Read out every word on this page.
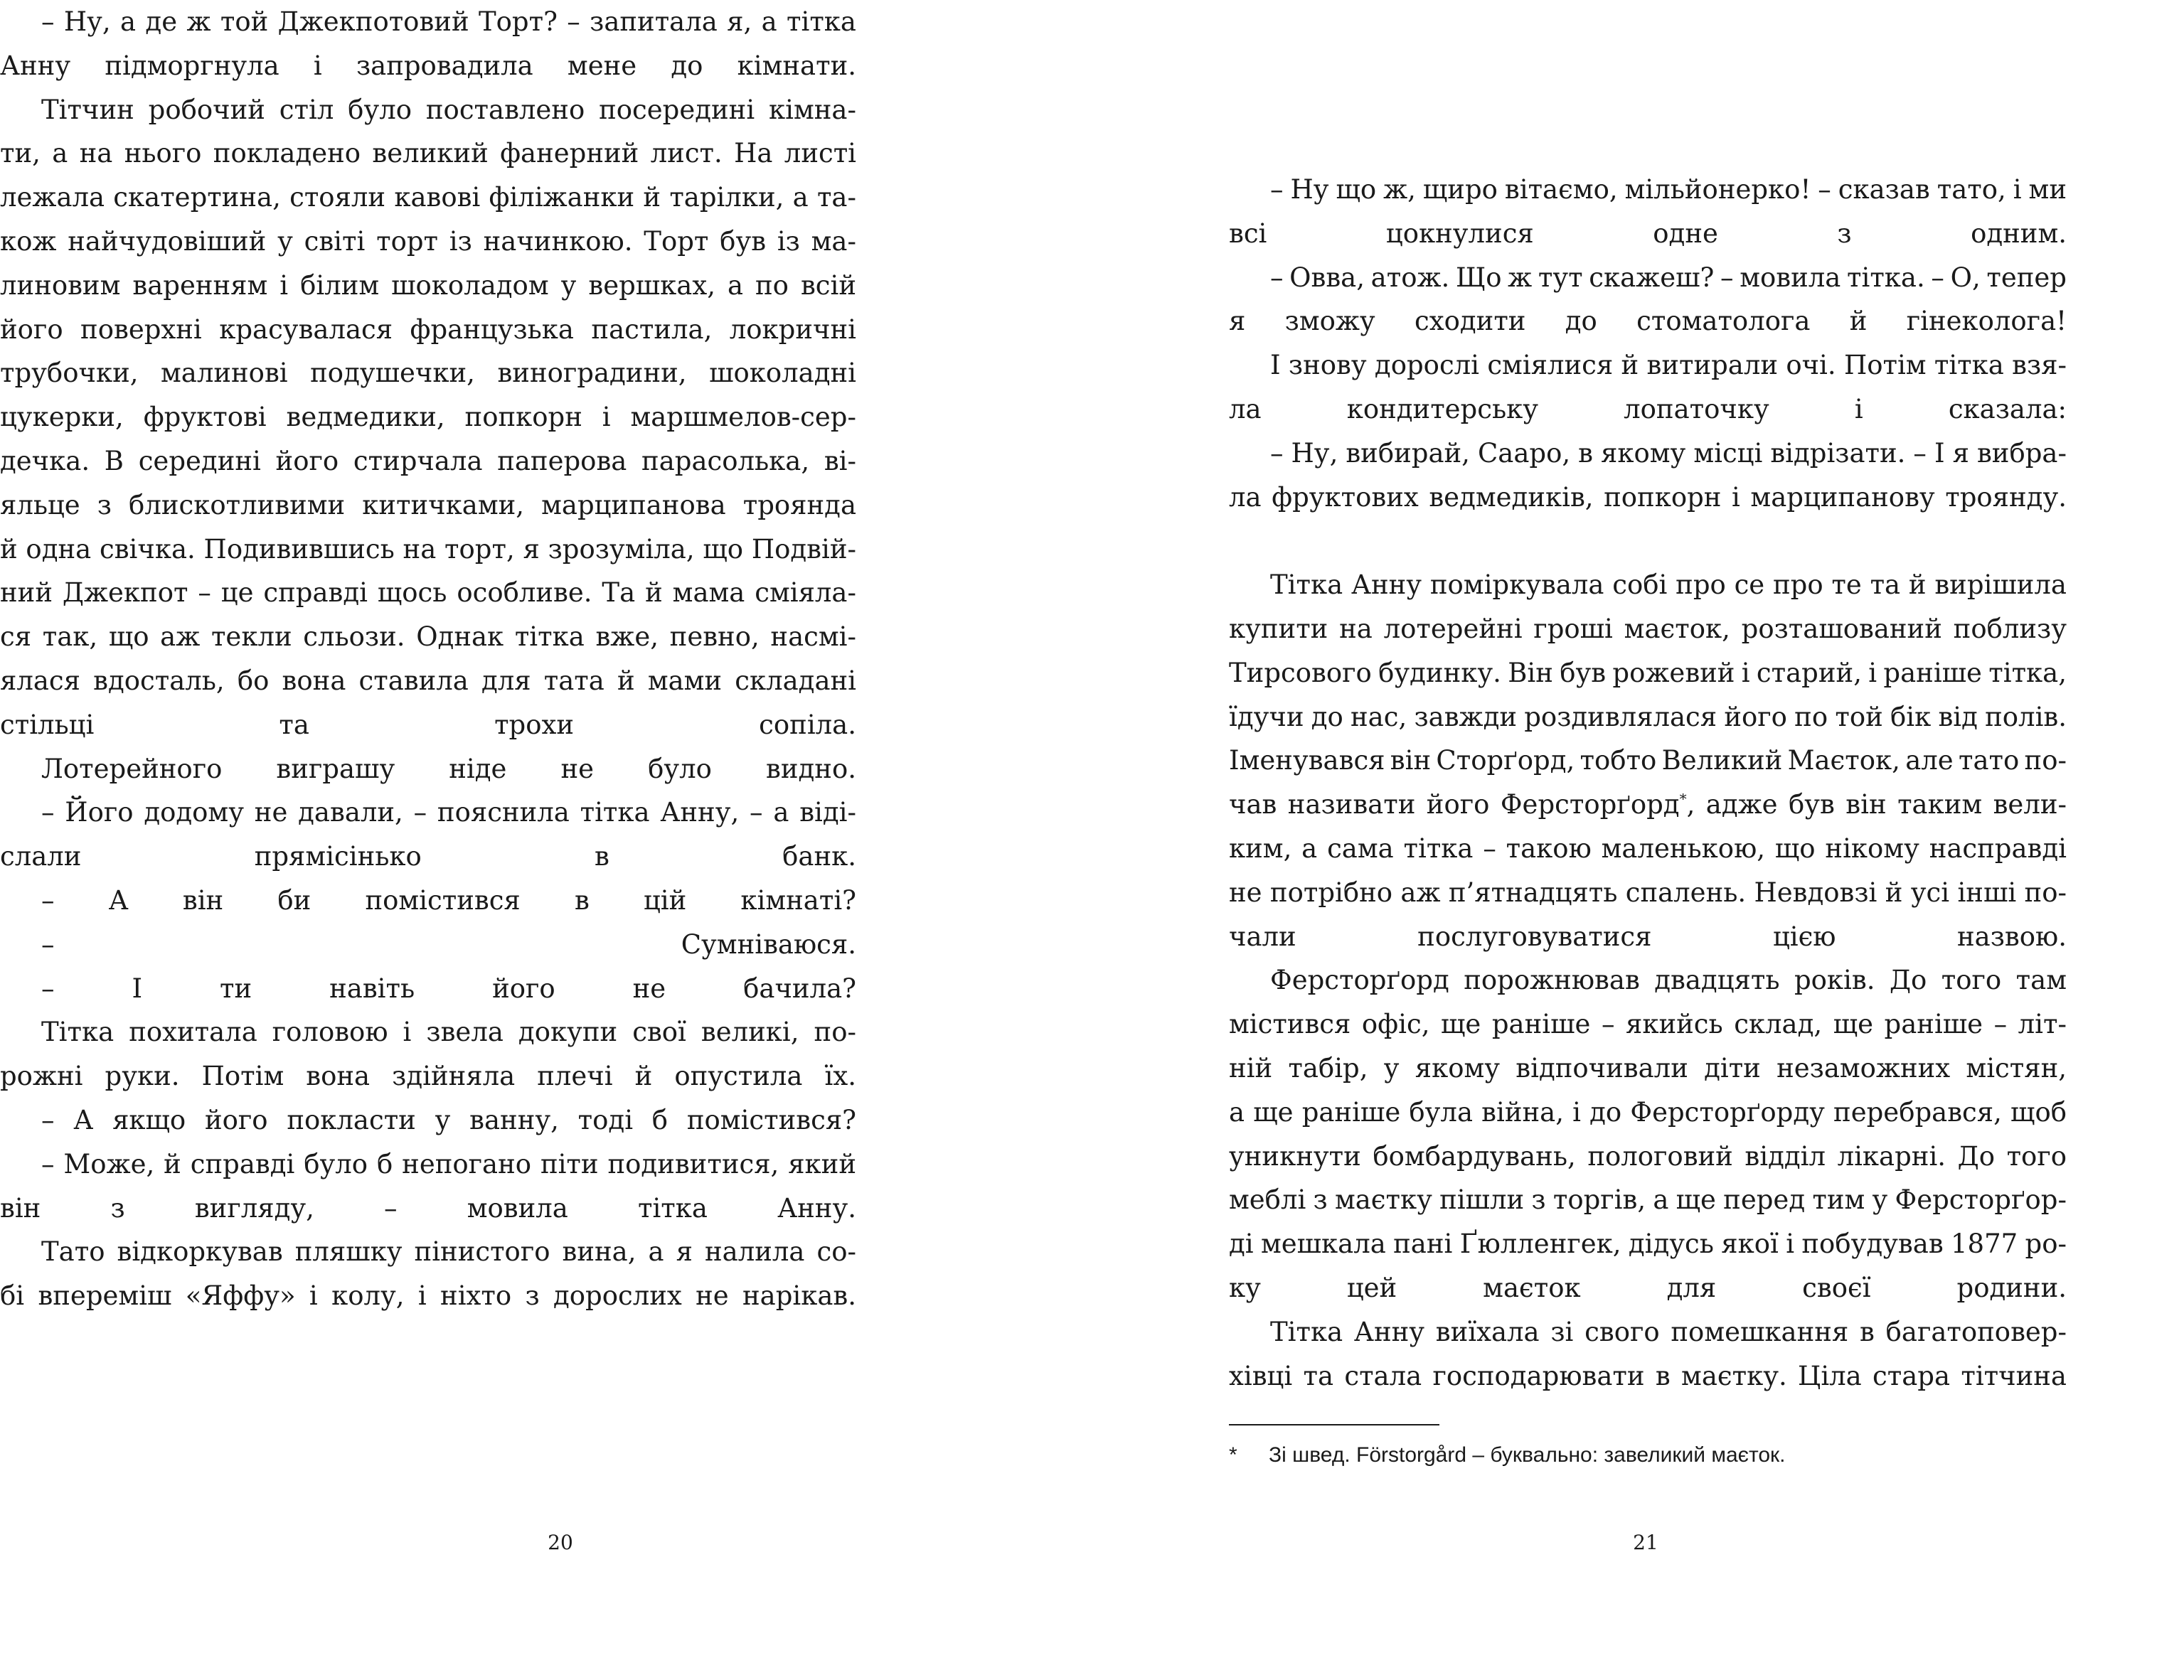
– Ну, а де ж той Джекпотовий Торт? – запитала я, а тітка
Анну підморгнула і запровадила мене до кімнати.
Тітчин робочий стіл було поставлено посередині кімна-
ти, а на нього покладено великий фанерний лист. На листі
лежала скатертина, стояли кавові філіжанки й тарілки, а та-
кож найчудовіший у світі торт із начинкою. Торт був із ма-
линовим варенням і білим шоколадом у вершках, а по всій
його поверхні красувалася французька пастила, локричні
трубочки, малинові подушечки, виноградини, шоколадні
цукерки, фруктові ведмедики, попкорн і маршмелов-сер-
дечка. В середині його стирчала паперова парасолька, ві-
яльце з блискотливими китичками, марципанова троянда
й одна свічка. Подивившись на торт, я зрозуміла, що Подвій-
ний Джекпот – це справді щось особливе. Та й мама сміяла-
ся так, що аж текли сльози. Однак тітка вже, певно, насмі-
ялася вдосталь, бо вона ставила для тата й мами складані
стільці та трохи сопіла.
Лотерейного виграшу ніде не було видно.
– Його додому не давали, – пояснила тітка Анну, – а віді-
слали прямісінько в банк.
– А він би помістився в цій кімнаті?
– Сумніваюся.
– І ти навіть його не бачила?
Тітка похитала головою і звела докупи свої великі, по-
рожні руки. Потім вона здійняла плечі й опустила їх.
– А якщо його покласти у ванну, тоді б помістився?
– Може, й справді було б непогано піти подивитися, який
він з вигляду, – мовила тітка Анну.
Тато відкоркував пляшку пінистого вина, а я налила со-
бі впереміш «Яффу» і колу, і ніхто з дорослих не нарікав.
– Ну що ж, щиро вітаємо, мільйонерко! – сказав тато, і ми
всі цокнулися одне з одним.
– Овва, атож. Що ж тут скажеш? – мовила тітка. – О, тепер
я зможу сходити до стоматолога й гінеколога!
І знову дорослі сміялися й витирали очі. Потім тітка взя-
ла кондитерську лопаточку і сказала:
– Ну, вибирай, Сааро, в якому місці відрізати. – І я вибра-
ла фруктових ведмедиків, попкорн і марципанову троянду.
Тітка Анну поміркувала собі про се про те та й вирішила
купити на лотерейні гроші маєток, розташований поблизу
Тирсового будинку. Він був рожевий і старий, і раніше тітка,
їдучи до нас, завжди роздивлялася його по той бік від полів.
Іменувався він Сторґорд, тобто Великий Маєток, але тато по-
чав називати його Ферсторґорд*, адже був він таким вели-
ким, а сама тітка – такою маленькою, що нікому насправді
не потрібно аж п’ятнадцять спалень. Невдовзі й усі інші по-
чали послуговуватися цією назвою.
Ферсторґорд порожнював двадцять років. До того там
містився офіс, ще раніше – якийсь склад, ще раніше – літ-
ній табір, у якому відпочивали діти незаможних містян,
а ще раніше була війна, і до Ферсторґорду перебрався, щоб
уникнути бомбардувань, пологовий відділ лікарні. До того
меблі з маєтку пішли з торгів, а ще перед тим у Ферсторґор-
ді мешкала пані Ґюлленгек, дідусь якої і побудував 1877 ро-
ку цей маєток для своєї родини.
Тітка Анну виїхала зі свого помешкання в багатоповер-
хівці та стала господарювати в маєтку. Ціла стара тітчина
* Зі швед. Förstorgård – буквально: завеликий маєток.
20	21
